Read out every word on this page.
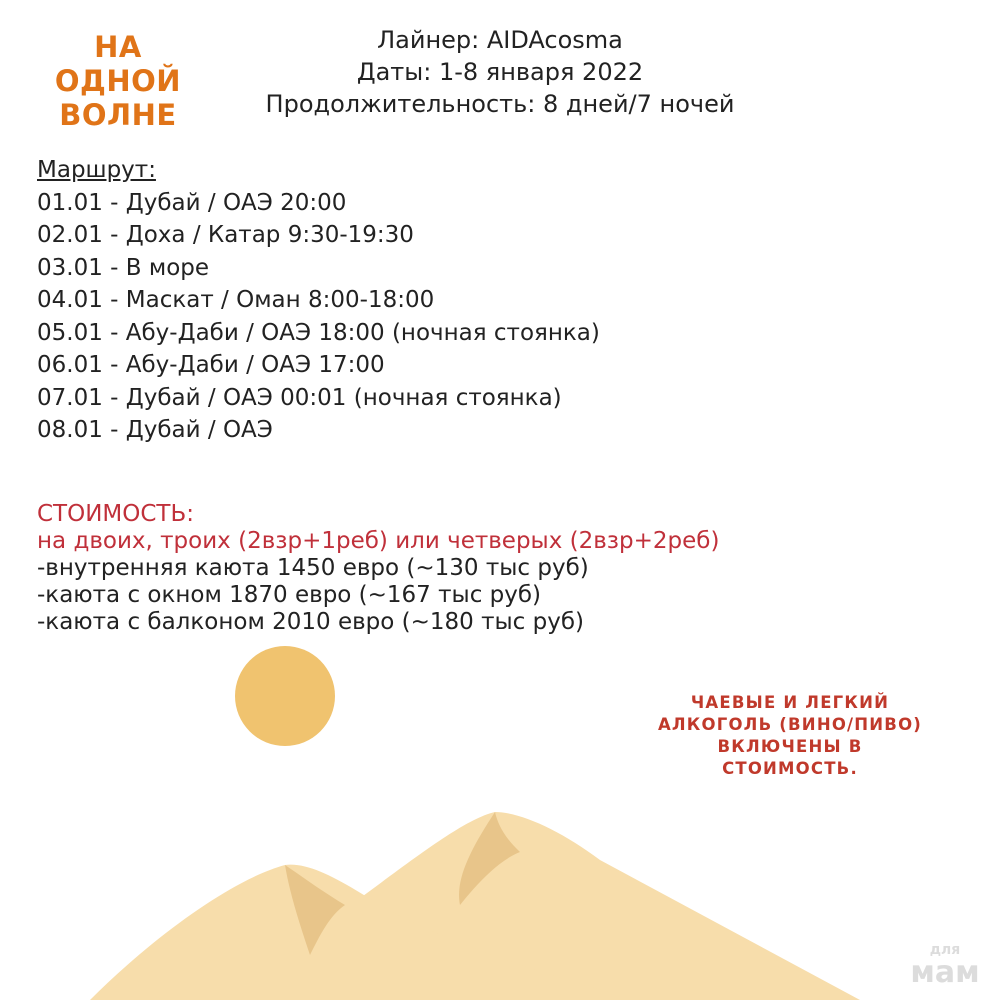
НА ОДНОЙ
ВОЛНЕ
Лайнер: AIDAcosma
Даты: 1-8 января 2022
Продолжительность: 8 дней/7 ночей
Маршрут:
01.01 - Дубай / ОАЭ 20:00
02.01 - Доха / Катар 9:30-19:30
03.01 - В море
04.01 - Маскат / Оман 8:00-18:00
05.01 - Абу-Даби / ОАЭ 18:00 (ночная стоянка)
06.01 - Абу-Даби / ОАЭ 17:00
07.01 - Дубай / ОАЭ 00:01 (ночная стоянка)
08.01 - Дубай / ОАЭ
СТОИМОСТЬ:
на двоих, троих (2взр+1реб) или четверых (2взр+2реб)
-внутренняя каюта 1450 евро (~130 тыс руб)
-каюта с окном 1870 евро (~167 тыс руб)
-каюта с балконом 2010 евро (~180 тыс руб)
ЧАЕВЫЕ И ЛЕГКИЙ
АЛКОГОЛЬ (ВИНО/ПИВО)
ВКЛЮЧЕНЫ В
СТОИМОСТЬ.
для
мам
